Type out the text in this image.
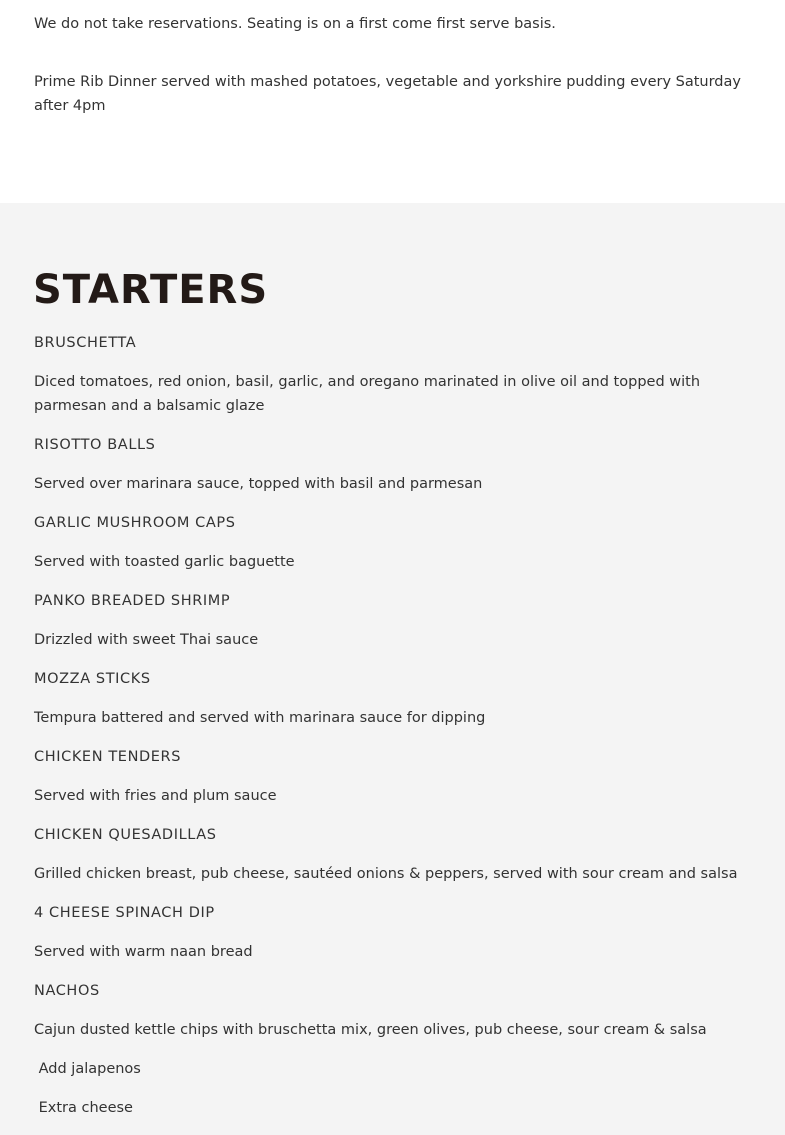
We do not take reservations. Seating is on a first come first serve basis.

Prime Rib Dinner served with mashed potatoes, vegetable and yorkshire pudding every Saturday after 4pm

STARTERS
BRUSCHETTA
Diced tomatoes, red onion, basil, garlic, and oregano marinated in olive oil and topped with parmesan and a balsamic glaze
RISOTTO BALLS
Served over marinara sauce, topped with basil and parmesan
GARLIC MUSHROOM CAPS
Served with toasted garlic baguette
PANKO BREADED SHRIMP
Drizzled with sweet Thai sauce
MOZZA STICKS
Tempura battered and served with marinara sauce for dipping
CHICKEN TENDERS
Served with fries and plum sauce
CHICKEN QUESADILLAS
Grilled chicken breast, pub cheese, sautéed onions & peppers, served with sour cream and salsa
4 CHEESE SPINACH DIP
Served with warm naan bread
NACHOS
Cajun dusted kettle chips with bruschetta mix, green olives, pub cheese, sour cream & salsa
Add jalapenos
Extra cheese
